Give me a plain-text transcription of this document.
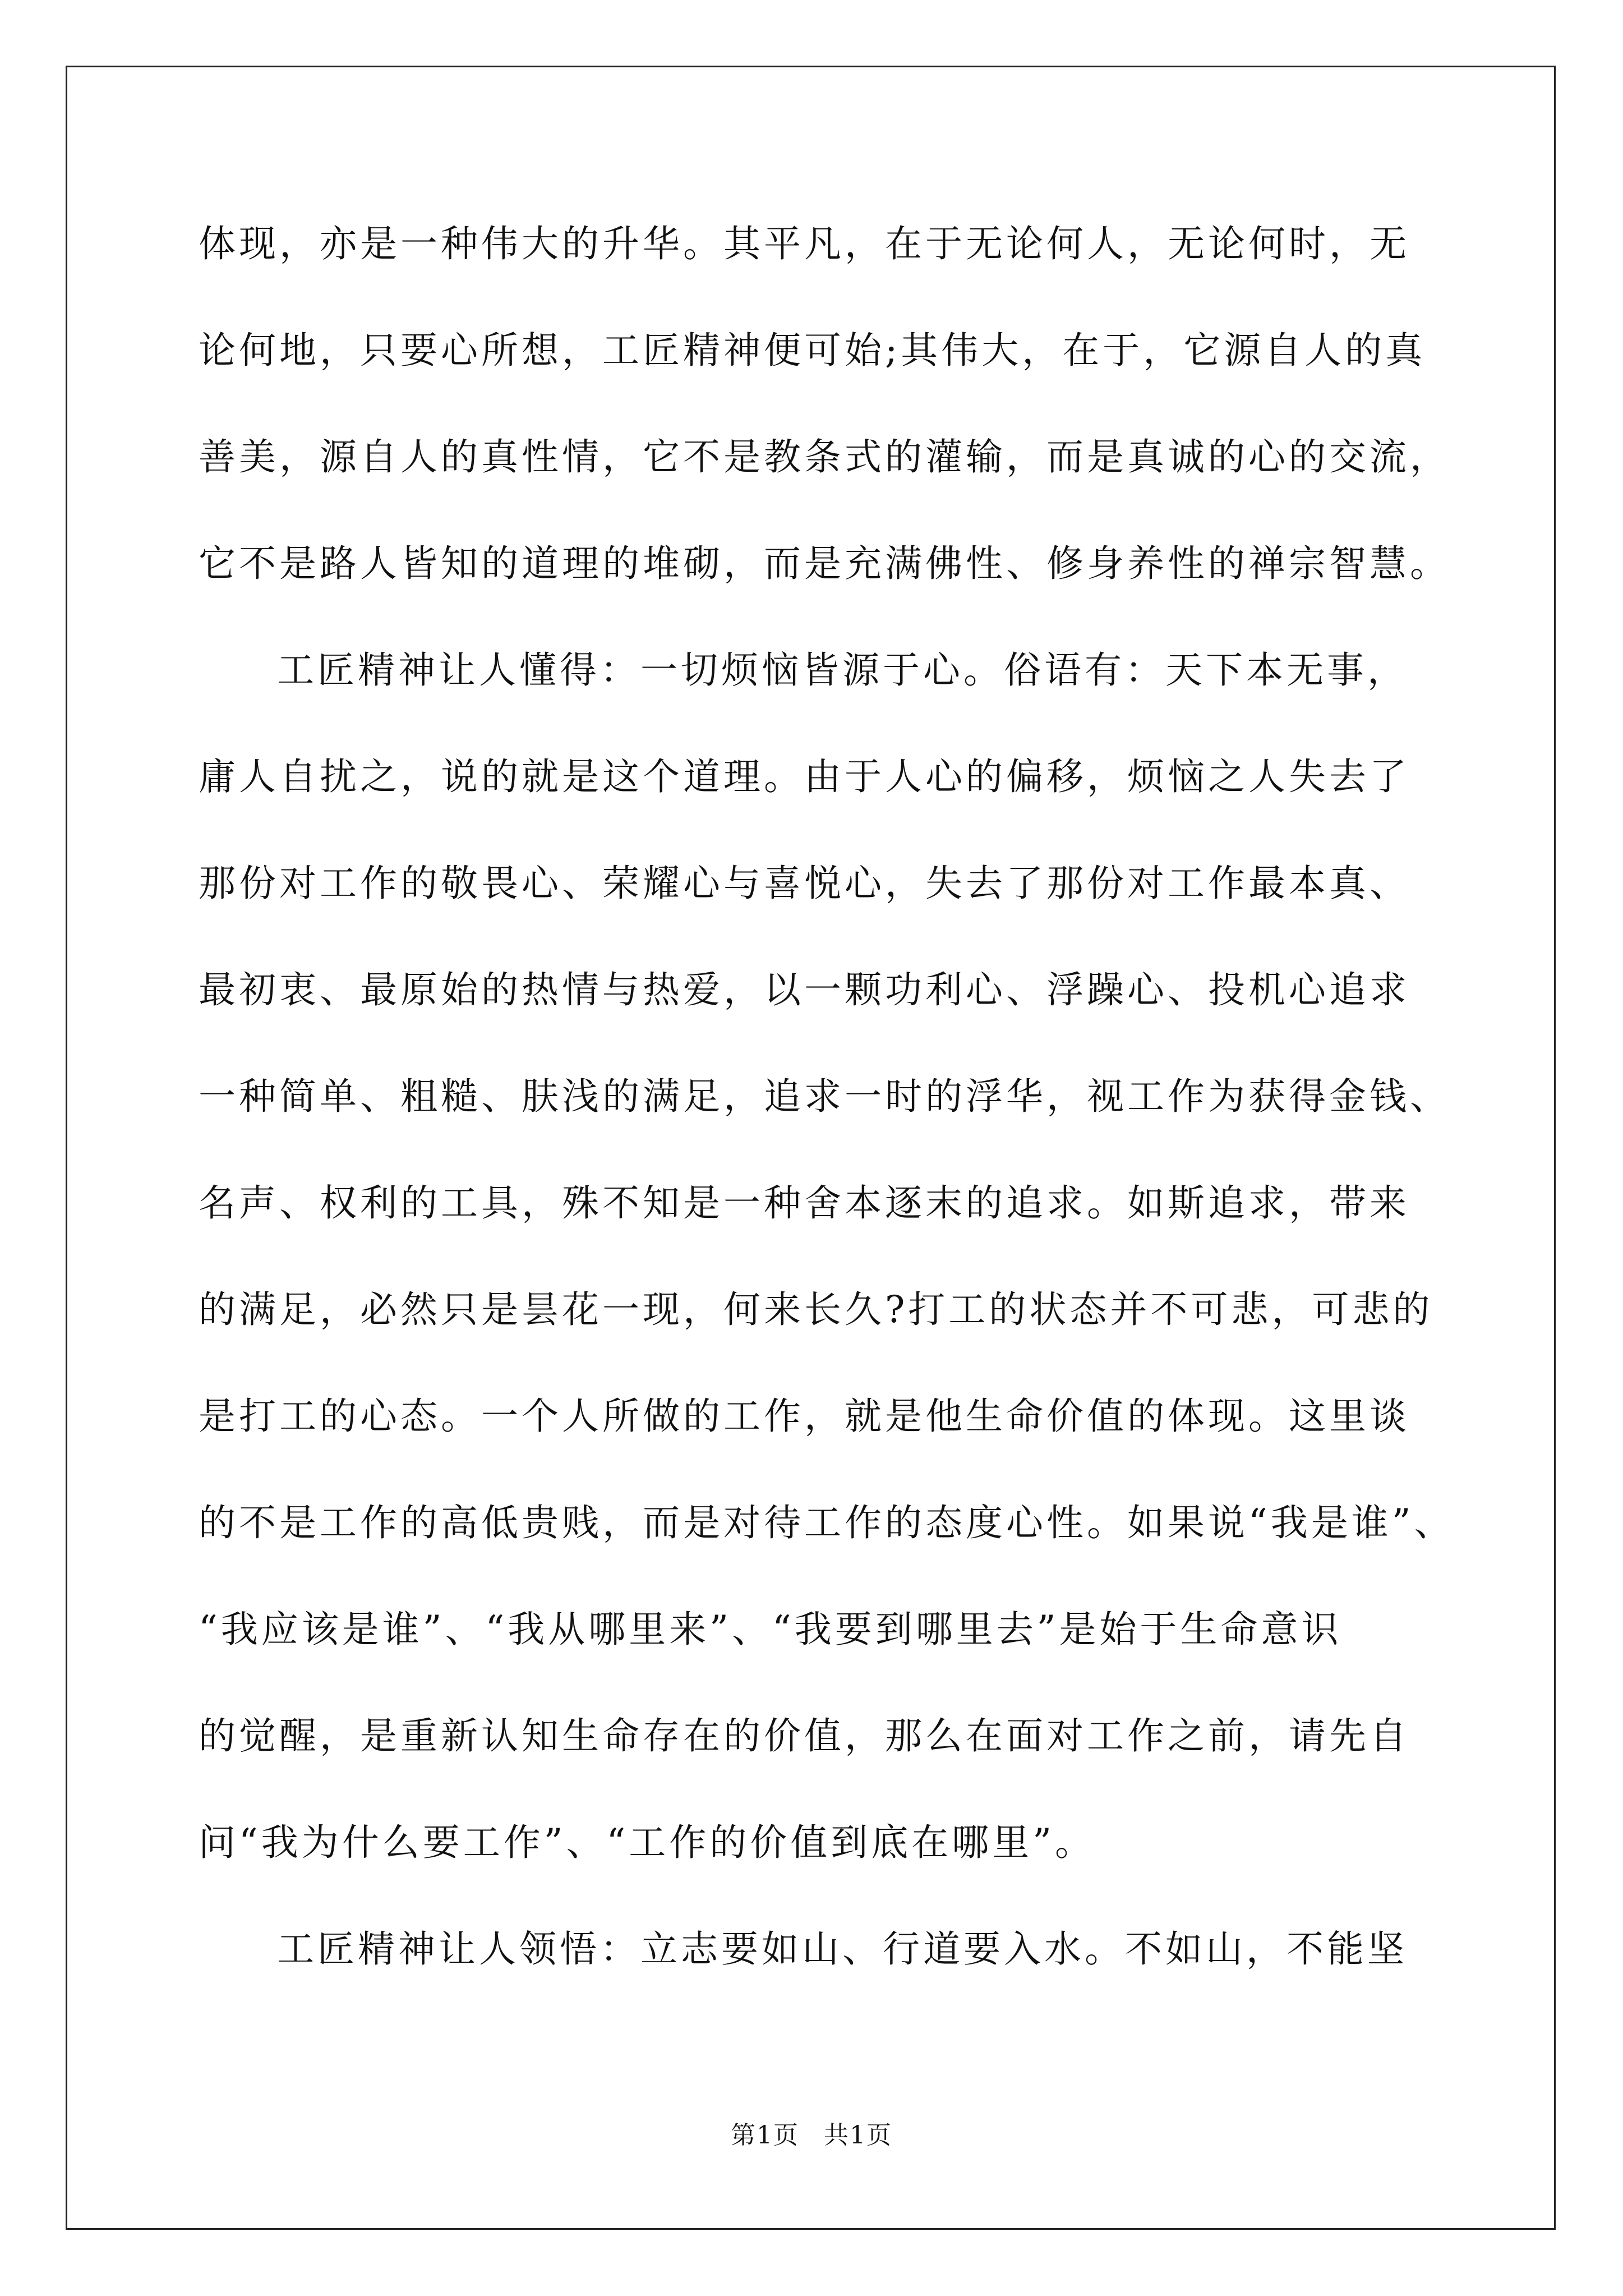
体现，亦是一种伟大的升华。其平凡，在于无论何人，无论何时，无
论何地，只要心所想，工匠精神便可始;其伟大，在于，它源自人的真
善美，源自人的真性情，它不是教条式的灌输，而是真诚的心的交流，
它不是路人皆知的道理的堆砌，而是充满佛性、修身养性的禅宗智慧。
工匠精神让人懂得：一切烦恼皆源于心。俗语有：天下本无事，
庸人自扰之，说的就是这个道理。由于人心的偏移，烦恼之人失去了
那份对工作的敬畏心、荣耀心与喜悦心，失去了那份对工作最本真、
最初衷、最原始的热情与热爱，以一颗功利心、浮躁心、投机心追求
一种简单、粗糙、肤浅的满足，追求一时的浮华，视工作为获得金钱、
名声、权利的工具，殊不知是一种舍本逐末的追求。如斯追求，带来
的满足，必然只是昙花一现，何来长久?打工的状态并不可悲，可悲的
是打工的心态。一个人所做的工作，就是他生命价值的体现。这里谈
的不是工作的高低贵贱，而是对待工作的态度心性。如果说“我是谁”、
“我应该是谁”、“我从哪里来”、“我要到哪里去”是始于生命意识
的觉醒，是重新认知生命存在的价值，那么在面对工作之前，请先自
问“我为什么要工作”、“工作的价值到底在哪里”。
工匠精神让人领悟：立志要如山、行道要入水。不如山，不能坚
第1页 共1页
